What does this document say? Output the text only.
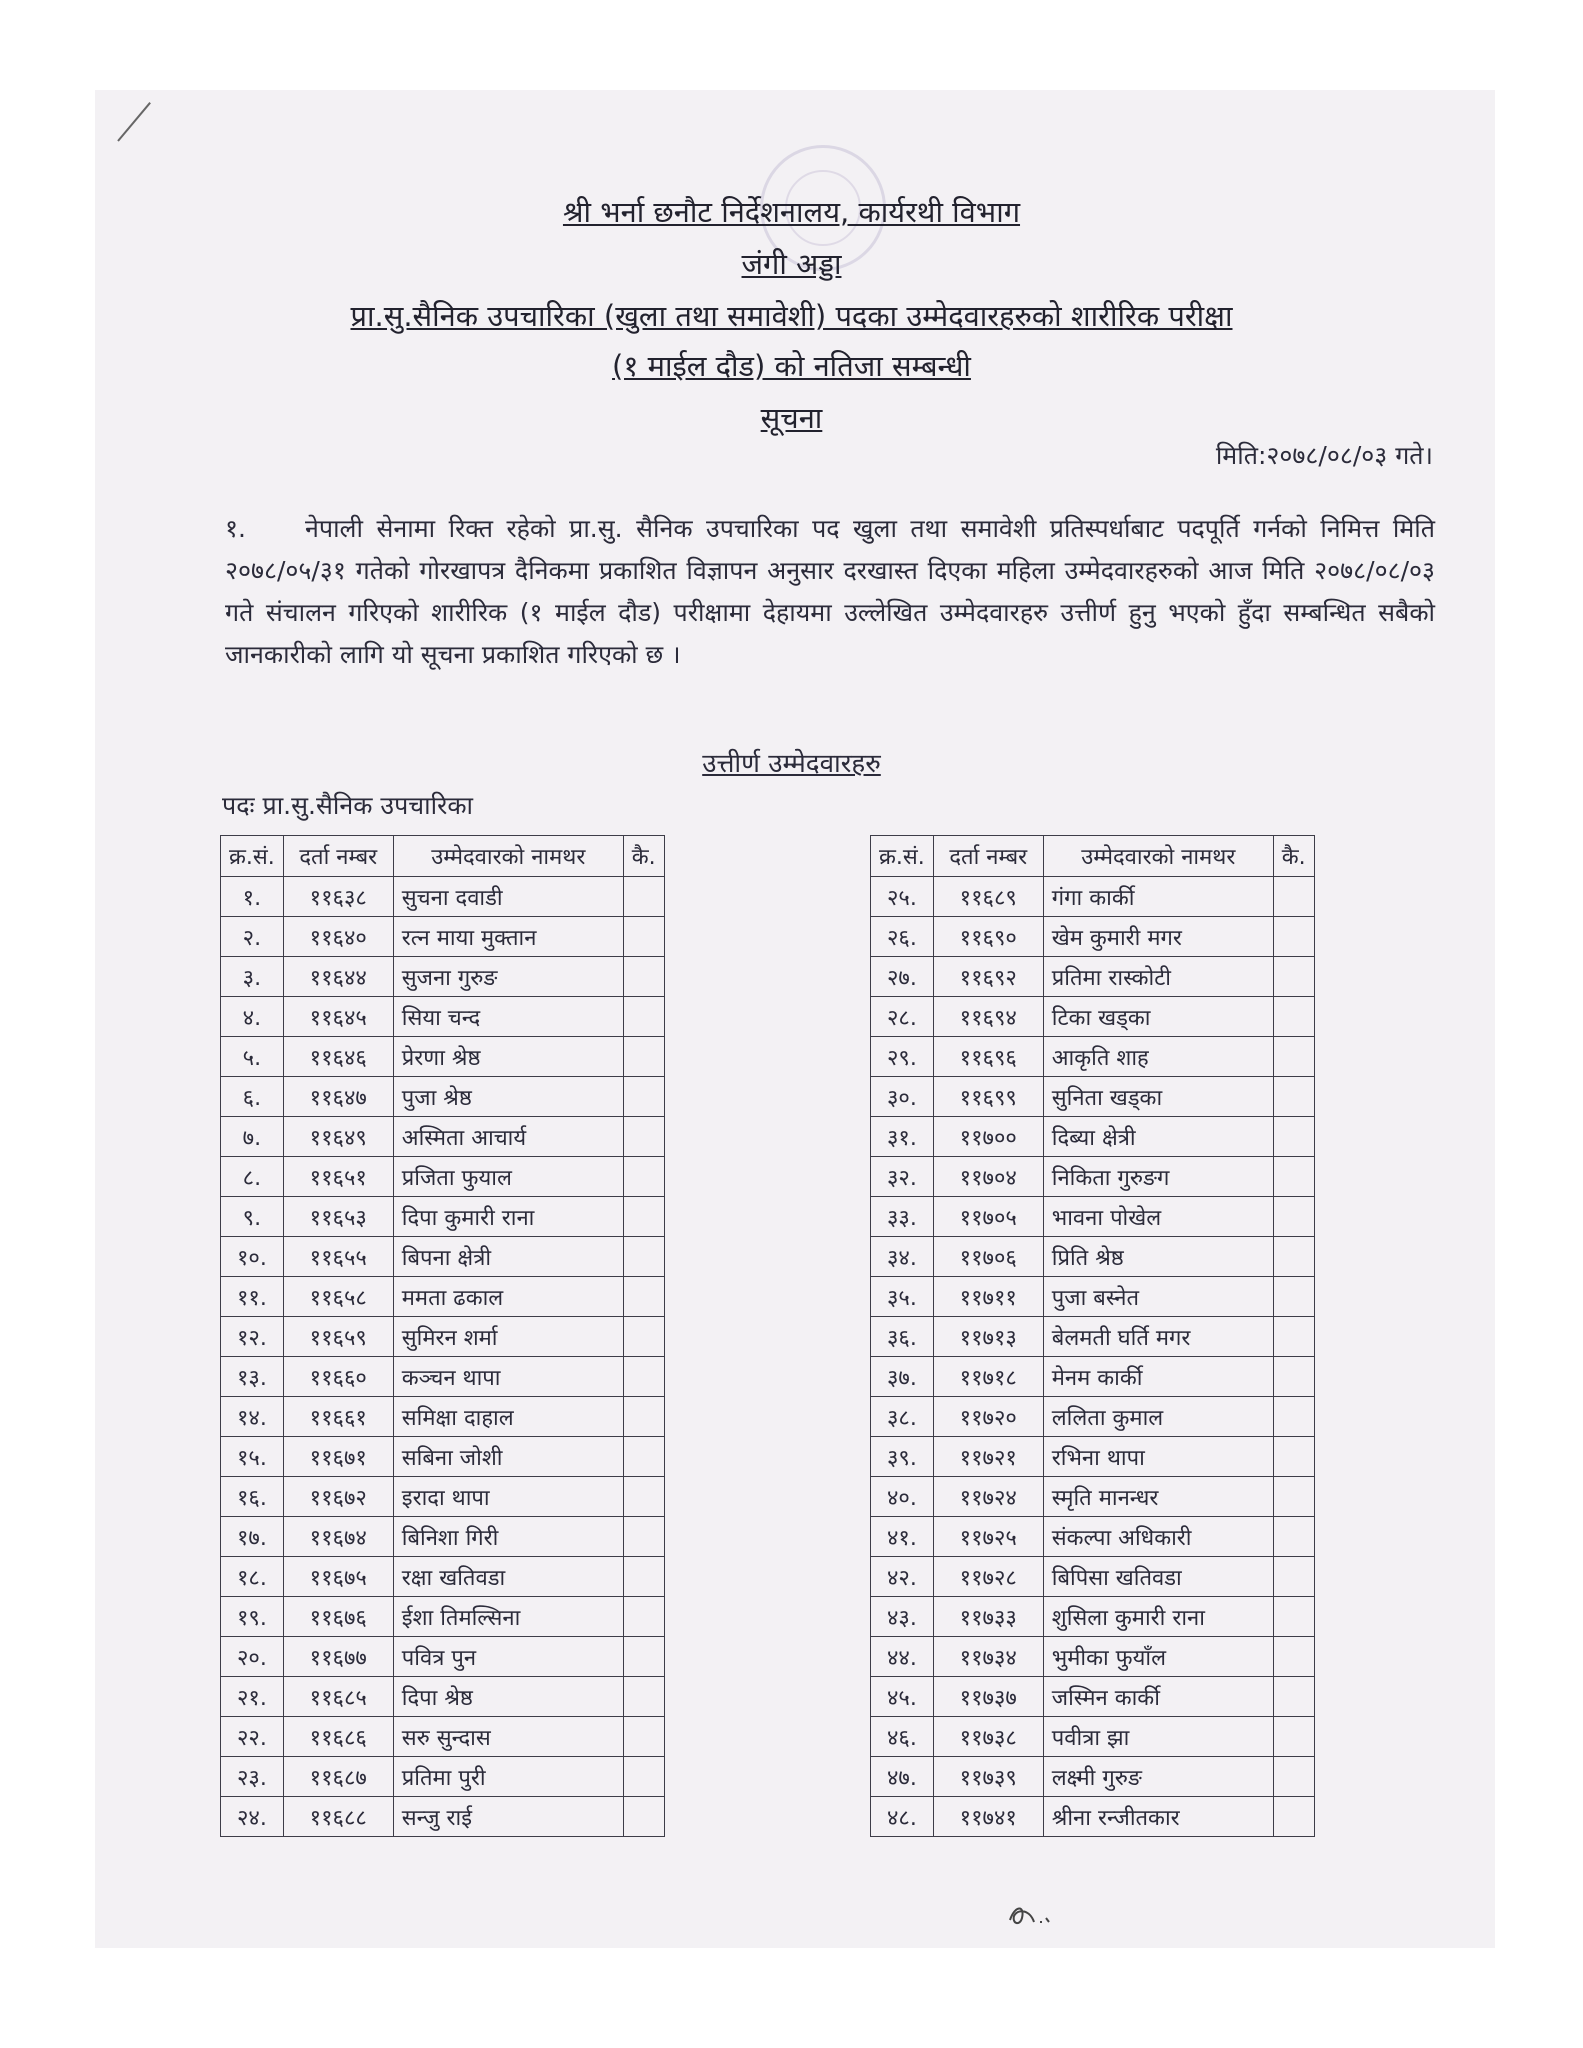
श्री भर्ना छनौट निर्देशनालय, कार्यरथी विभाग
जंगी अड्डा
प्रा.सु.सैनिक उपचारिका (खुला तथा समावेशी) पदका उम्मेदवारहरुको शारीरिक परीक्षा
(१ माईल दौड) को नतिजा सम्बन्धी
सूचना
मिति:२०७८/०८/०३ गते।
१. नेपाली सेनामा रिक्त रहेको प्रा.सु. सैनिक उपचारिका पद खुला तथा समावेशी प्रतिस्पर्धाबाट पदपूर्ति गर्नको निमित्त मिति २०७८/०५/३१ गतेको गोरखापत्र दैनिकमा प्रकाशित विज्ञापन अनुसार दरखास्त दिएका महिला उम्मेदवारहरुको आज मिति २०७८/०८/०३ गते संचालन गरिएको शारीरिक (१ माईल दौड) परीक्षामा देहायमा उल्लेखित उम्मेदवारहरु उत्तीर्ण हुनु भएको हुँदा सम्बन्धित सबैको जानकारीको लागि यो सूचना प्रकाशित गरिएको छ ।
उत्तीर्ण उम्मेदवारहरु
पदः प्रा.सु.सैनिक उपचारिका
क्र.सं.	दर्ता नम्बर	उम्मेदवारको नामथर	कै.
१.	११६३८	सुचना दवाडी	
२.	११६४०	रत्न माया मुक्तान	
३.	११६४४	सुजना गुरुङ	
४.	११६४५	सिया चन्द	
५.	११६४६	प्रेरणा श्रेष्ठ	
६.	११६४७	पुजा श्रेष्ठ	
७.	११६४९	अस्मिता आचार्य	
८.	११६५१	प्रजिता फुयाल	
९.	११६५३	दिपा कुमारी राना	
१०.	११६५५	बिपना क्षेत्री	
११.	११६५८	ममता ढकाल	
१२.	११६५९	सुमिरन शर्मा	
१३.	११६६०	कञ्चन थापा	
१४.	११६६१	समिक्षा दाहाल	
१५.	११६७१	सबिना जोशी	
१६.	११६७२	इरादा थापा	
१७.	११६७४	बिनिशा गिरी	
१८.	११६७५	रक्षा खतिवडा	
१९.	११६७६	ईशा तिमल्सिना	
२०.	११६७७	पवित्र पुन	
२१.	११६८५	दिपा श्रेष्ठ	
२२.	११६८६	सरु सुन्दास	
२३.	११६८७	प्रतिमा पुरी	
२४.	११६८८	सन्जु राई	
क्र.सं.	दर्ता नम्बर	उम्मेदवारको नामथर	कै.
२५.	११६८९	गंगा कार्की	
२६.	११६९०	खेम कुमारी मगर	
२७.	११६९२	प्रतिमा रास्कोटी	
२८.	११६९४	टिका खड्का	
२९.	११६९६	आकृति शाह	
३०.	११६९९	सुनिता खड्का	
३१.	११७००	दिब्या क्षेत्री	
३२.	११७०४	निकिता गुरुङग	
३३.	११७०५	भावना पोखेल	
३४.	११७०६	प्रिति श्रेष्ठ	
३५.	११७११	पुजा बस्नेत	
३६.	११७१३	बेलमती घर्ति मगर	
३७.	११७१८	मेनम कार्की	
३८.	११७२०	ललिता कुमाल	
३९.	११७२१	रभिना थापा	
४०.	११७२४	स्मृति मानन्धर	
४१.	११७२५	संकल्पा अधिकारी	
४२.	११७२८	बिपिसा खतिवडा	
४३.	११७३३	शुसिला कुमारी राना	
४४.	११७३४	भुमीका फुयाँल	
४५.	११७३७	जस्मिन कार्की	
४६.	११७३८	पवीत्रा झा	
४७.	११७३९	लक्ष्मी गुरुङ	
४८.	११७४१	श्रीना रन्जीतकार	
